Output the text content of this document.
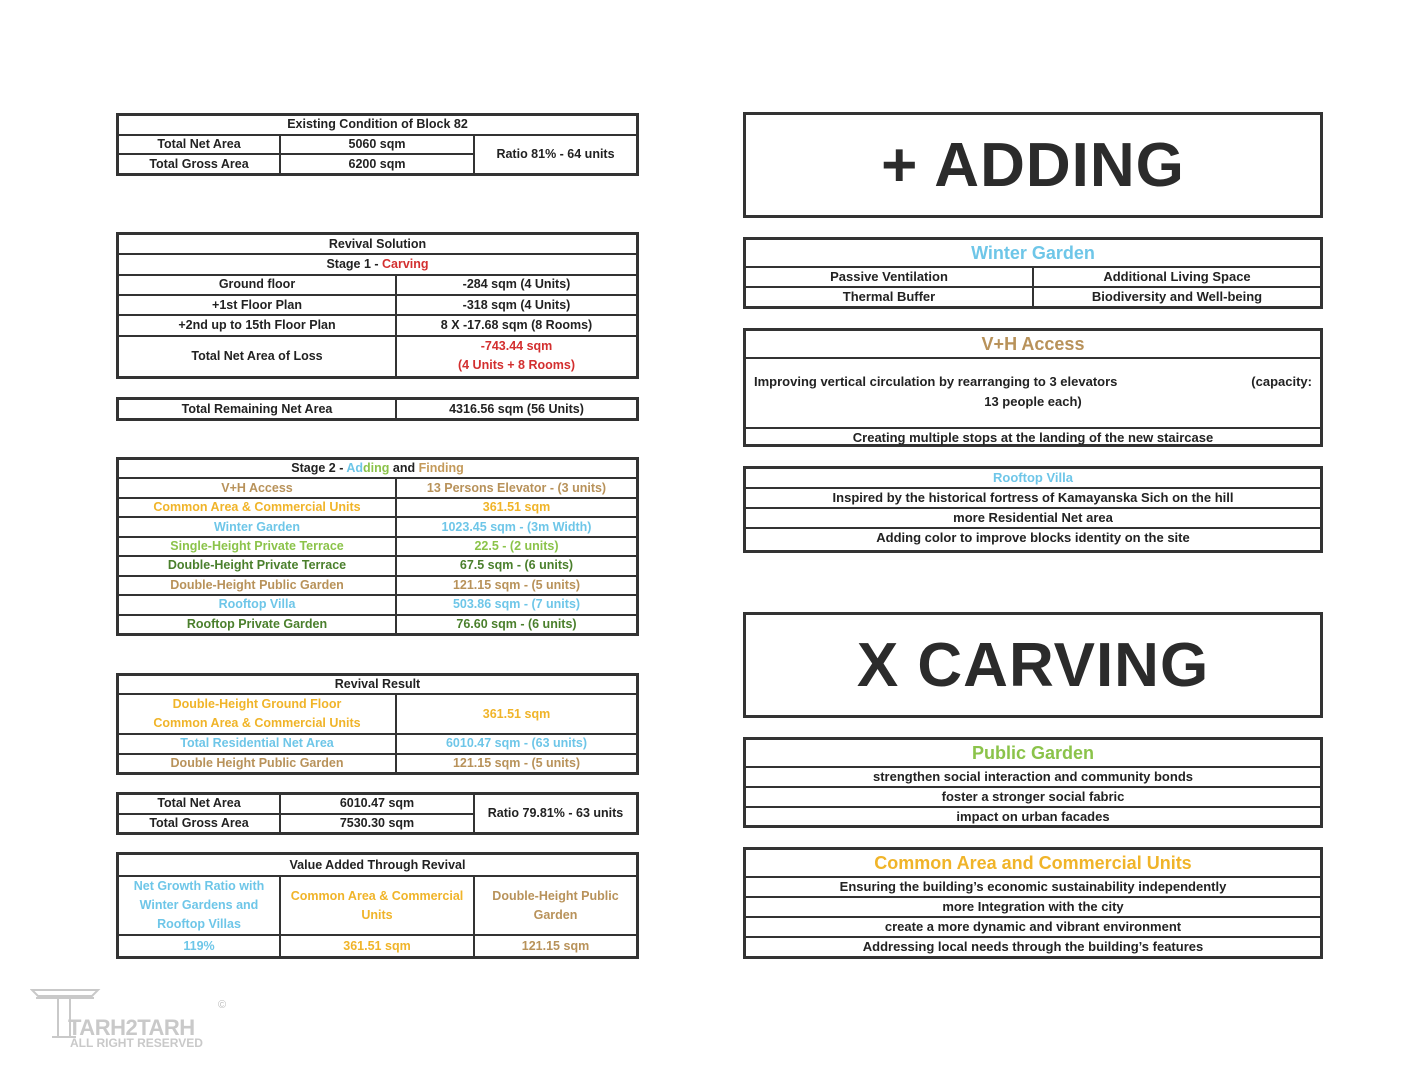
Existing Condition of Block 82		
Total Net Area	5060 sqm	Ratio 81% - 64 units
Total Gross Area	6200 sqm	
Revival Solution	
Stage 1 - Carving	
Ground floor	-284 sqm (4 Units)
+1st Floor Plan	-318 sqm (4 Units)
+2nd up to 15th Floor Plan	8 X -17.68 sqm (8 Rooms)
Total Net Area of Loss	-743.44 sqm
(4 Units + 8 Rooms)
Total Remaining Net Area	4316.56 sqm (56 Units)
Stage 2 - Adding and Finding	
V+H Access	13 Persons Elevator - (3 units)
Common Area & Commercial Units	361.51 sqm
Winter Garden	1023.45 sqm - (3m Width)
Single-Height Private Terrace	22.5 - (2 units)
Double-Height Private Terrace	67.5 sqm - (6 units)
Double-Height Public Garden	121.15 sqm - (5 units)
Rooftop Villa	503.86 sqm - (7 units)
Rooftop Private Garden	76.60 sqm - (6 units)
Revival Result	
Double-Height Ground Floor
Common Area & Commercial Units	361.51 sqm
Total Residential Net Area	6010.47 sqm - (63 units)
Double Height Public Garden	121.15 sqm - (5 units)
Total Net Area	6010.47 sqm	Ratio 79.81% - 63 units
Total Gross Area	7530.30 sqm	
Value Added Through Revival		
Net Growth Ratio with Winter Gardens and Rooftop Villas	Common Area & Commercial Units	Double-Height Public Garden
119%	361.51 sqm	121.15 sqm
+ ADDING
Winter Garden
Passive Ventilation	Additional Living Space
Thermal Buffer	Biodiversity and Well-being
V+H Access
Improving vertical circulation by rearranging to 3 elevators	(capacity:
13 people each)
Creating multiple stops at the landing of the new staircase
Rooftop Villa
Inspired by the historical fortress of Kamayanska Sich on the hill
more Residential Net area
Adding color to improve blocks identity on the site
X CARVING
Public Garden
strengthen social interaction and community bonds
foster a stronger social fabric
impact on urban facades
Common Area and Commercial Units
Ensuring the building’s economic sustainability independently
more Integration with the city
create a more dynamic and vibrant environment
Addressing local needs through the building’s features
TARH2TARH
©
ALL RIGHT RESERVED
